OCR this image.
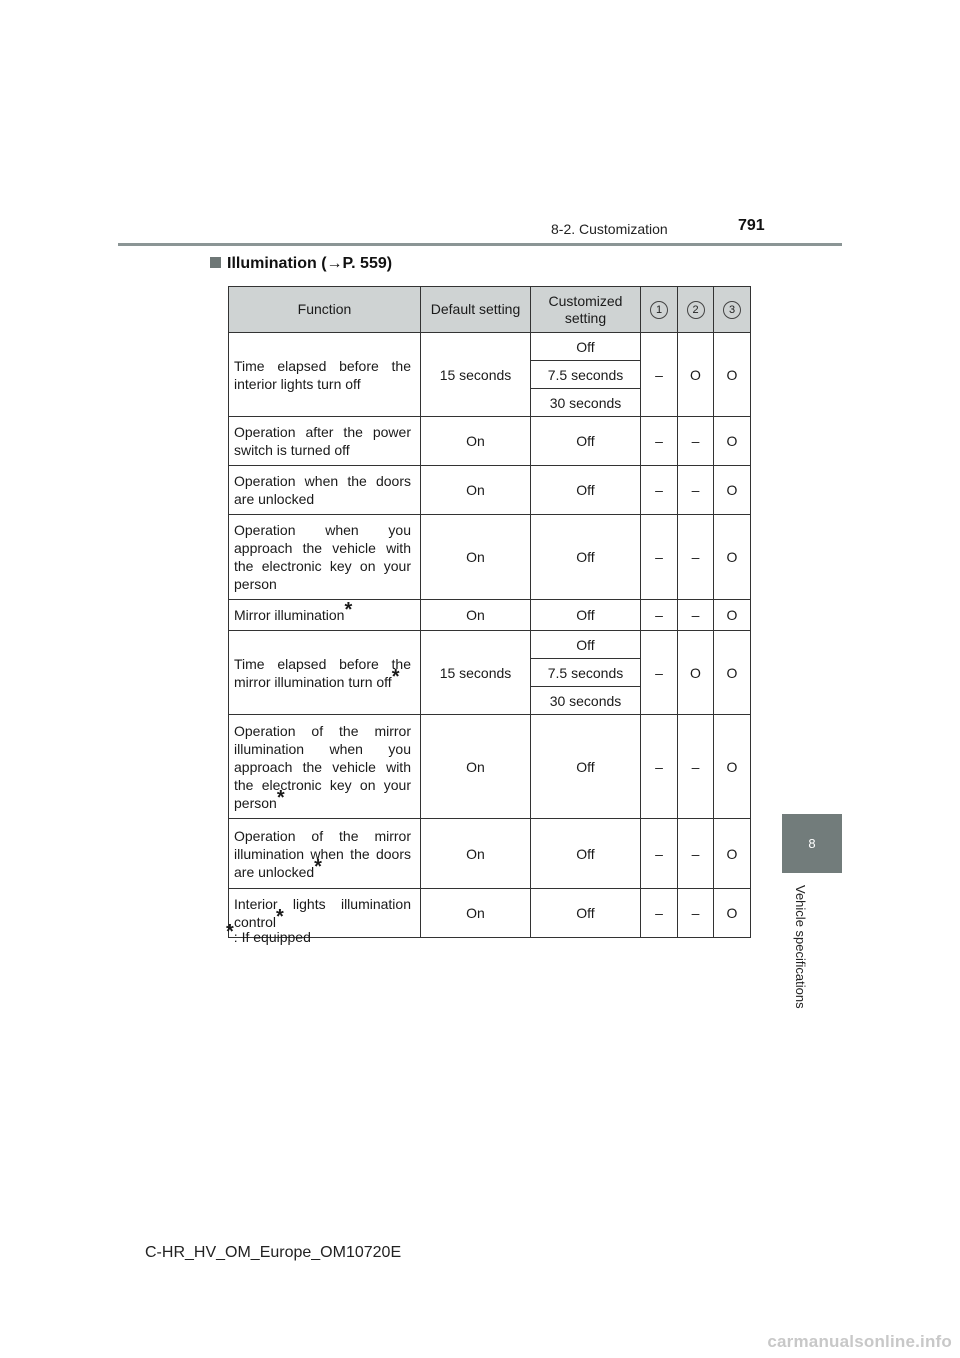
8-2. Customization	791
8
Vehicle specifications
Illumination (→P. 559)
Function	Default setting	Customized setting	1	2	3
Time elapsed before the interior lights turn off	15 seconds	Off	–	O	O
		7.5 seconds			
		30 seconds			
Operation after the power switch is turned off	On	Off	–	–	O
Operation when the doors are unlocked	On	Off	–	–	O
Operation when you approach the vehicle with the electronic key on your person	On	Off	–	–	O
Mirror illumination*	On	Off	–	–	O
Time elapsed before the mirror illumination turn off*	15 seconds	Off	–	O	O
		7.5 seconds			
		30 seconds			
Operation of the mirror illumination when you approach the vehicle with the electronic key on your person*	On	Off	–	–	O
Operation of the mirror illumination when the doors are unlocked*	On	Off	–	–	O
Interior lights illumination control*	On	Off	–	–	O
*: If equipped
C-HR_HV_OM_Europe_OM10720E
carmanualsonline.info
